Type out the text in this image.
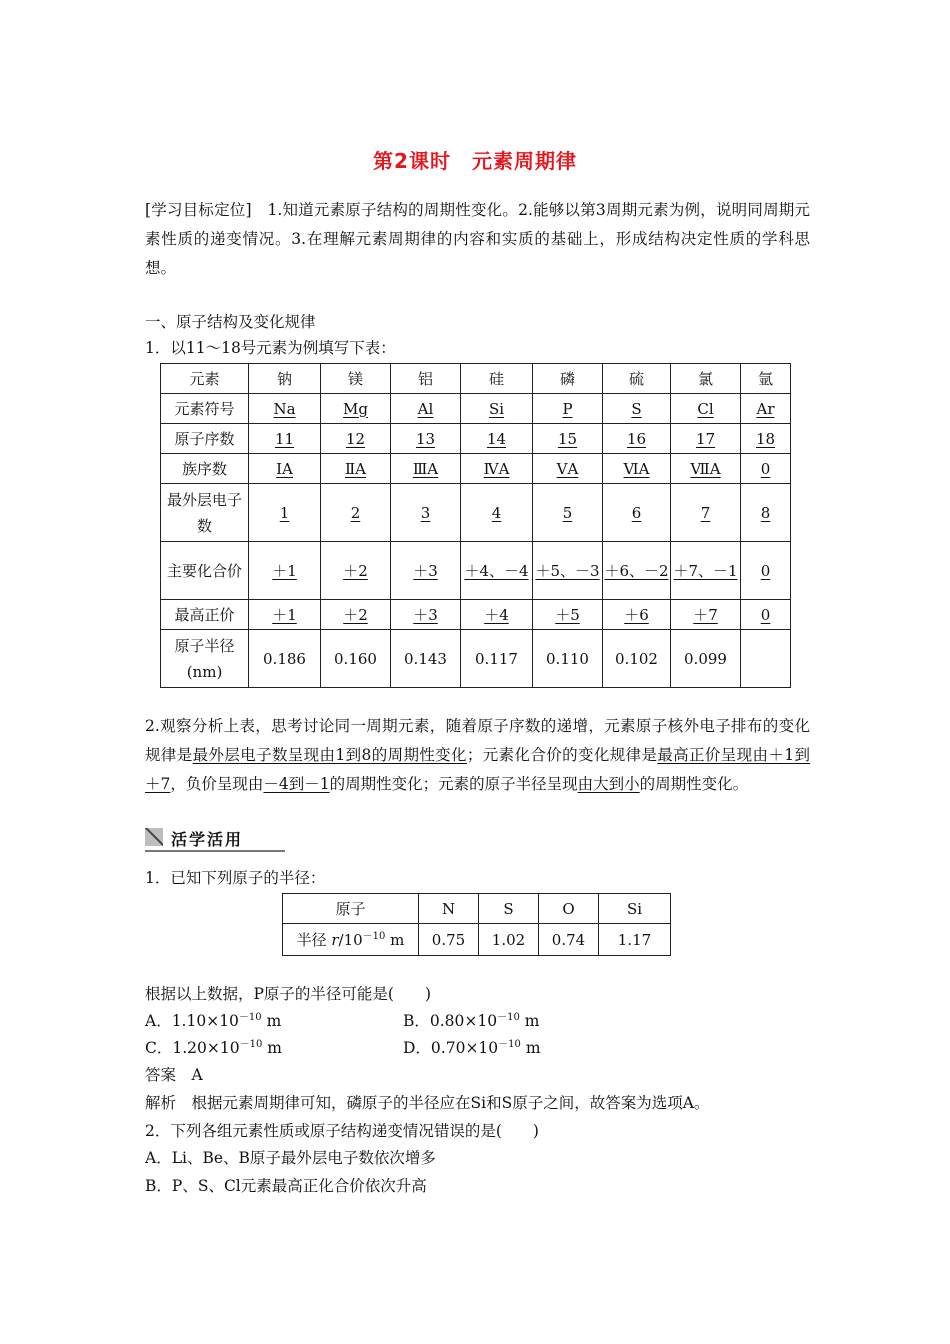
第2课时　元素周期律
[学习目标定位]　 1.知道元素原子结构的周期性变化。2.能够以第3周期元素为例，说明同周期元素性质的递变情况。3.在理解元素周期律的内容和实质的基础上，形成结构决定性质的学科思想。
一、原子结构及变化规律
1．以11～18号元素为例填写下表：
元素	钠	镁	铝	硅	磷	硫	氯	氩
元素符号	Na	Mg	Al	Si	P	S	Cl	Ar
原子序数	11	12	13	14	15	16	17	18
族序数	ⅠA	ⅡA	ⅢA	ⅣA	ⅤA	ⅥA	ⅦA	0
最外层电子数	1	2	3	4	5	6	7	8
主要化合价	＋1	＋2	＋3	＋4、－4	＋5、－3	＋6、－2	＋7、－1	0
最高正价	＋1	＋2	＋3	＋4	＋5	＋6	＋7	0
原子半径(nm)	0.186	0.160	0.143	0.117	0.110	0.102	0.099	
2.观察分析上表，思考讨论同一周期元素，随着原子序数的递增，元素原子核外电子排布的变化规律是最外层电子数呈现由1到8的周期性变化；元素化合价的变化规律是最高正价呈现由＋1到＋7，负价呈现由－4到－1的周期性变化；元素的原子半径呈现由大到小的周期性变化。
活学活用
1．已知下列原子的半径：
原子	N	S	O	Si
半径 $r/10^{-10}$ m	0.75	1.02	0.74	1.17
根据以上数据，P原子的半径可能是(　　)
A．$1.10\times 10^{-10}$ m	B．$0.80\times 10^{-10}$ m
C．$1.20\times 10^{-10}$ m	D．$0.70\times 10^{-10}$ m
答案　A
解析　根据元素周期律可知，磷原子的半径应在Si和S原子之间，故答案为选项A。
2．下列各组元素性质或原子结构递变情况错误的是(　　)
A．Li、Be、B原子最外层电子数依次增多
B．P、S、Cl元素最高正化合价依次升高
